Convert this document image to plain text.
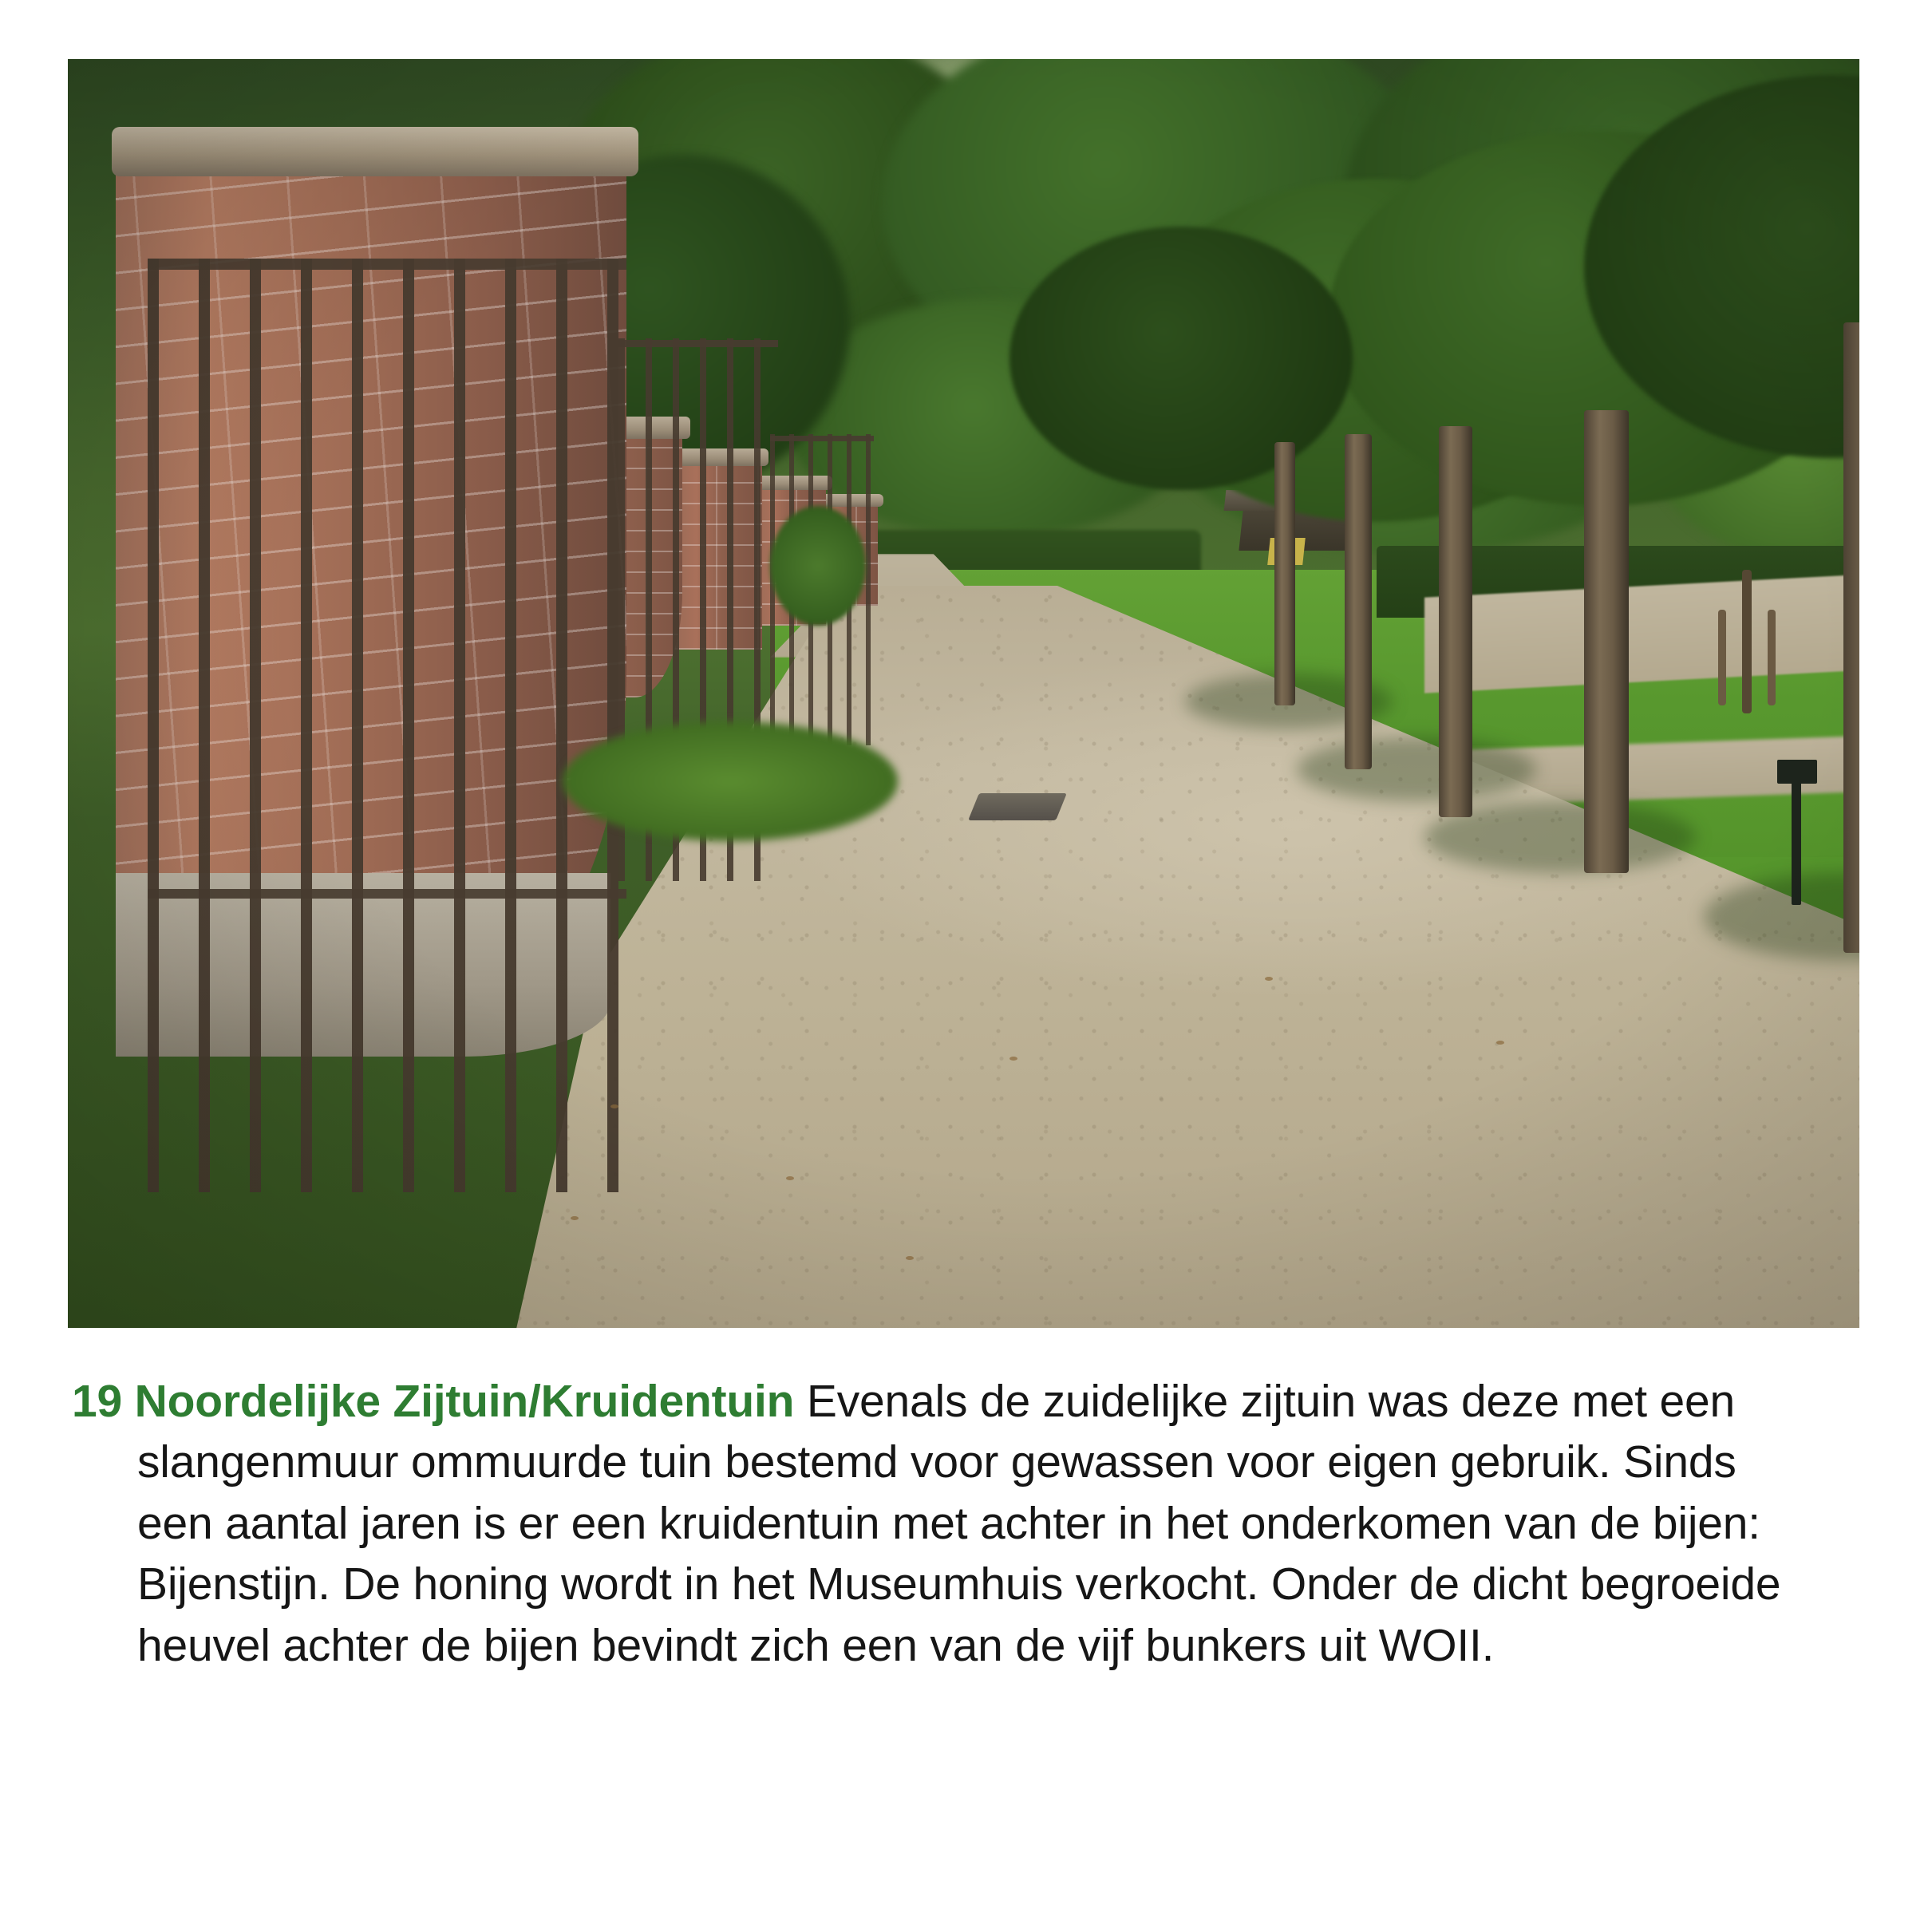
19 Noordelijke Zijtuin/Kruidentuin Evenals de zuidelijke zijtuin was deze met een slangenmuur ommuurde tuin bestemd voor gewassen voor eigen gebruik. Sinds een aantal jaren is er een kruidentuin met achter in het onderkomen van de bijen: Bijenstijn. De honing wordt in het Museumhuis verkocht. Onder de dicht begroeide heuvel achter de bijen bevindt zich een van de vijf bunkers uit WOII.
